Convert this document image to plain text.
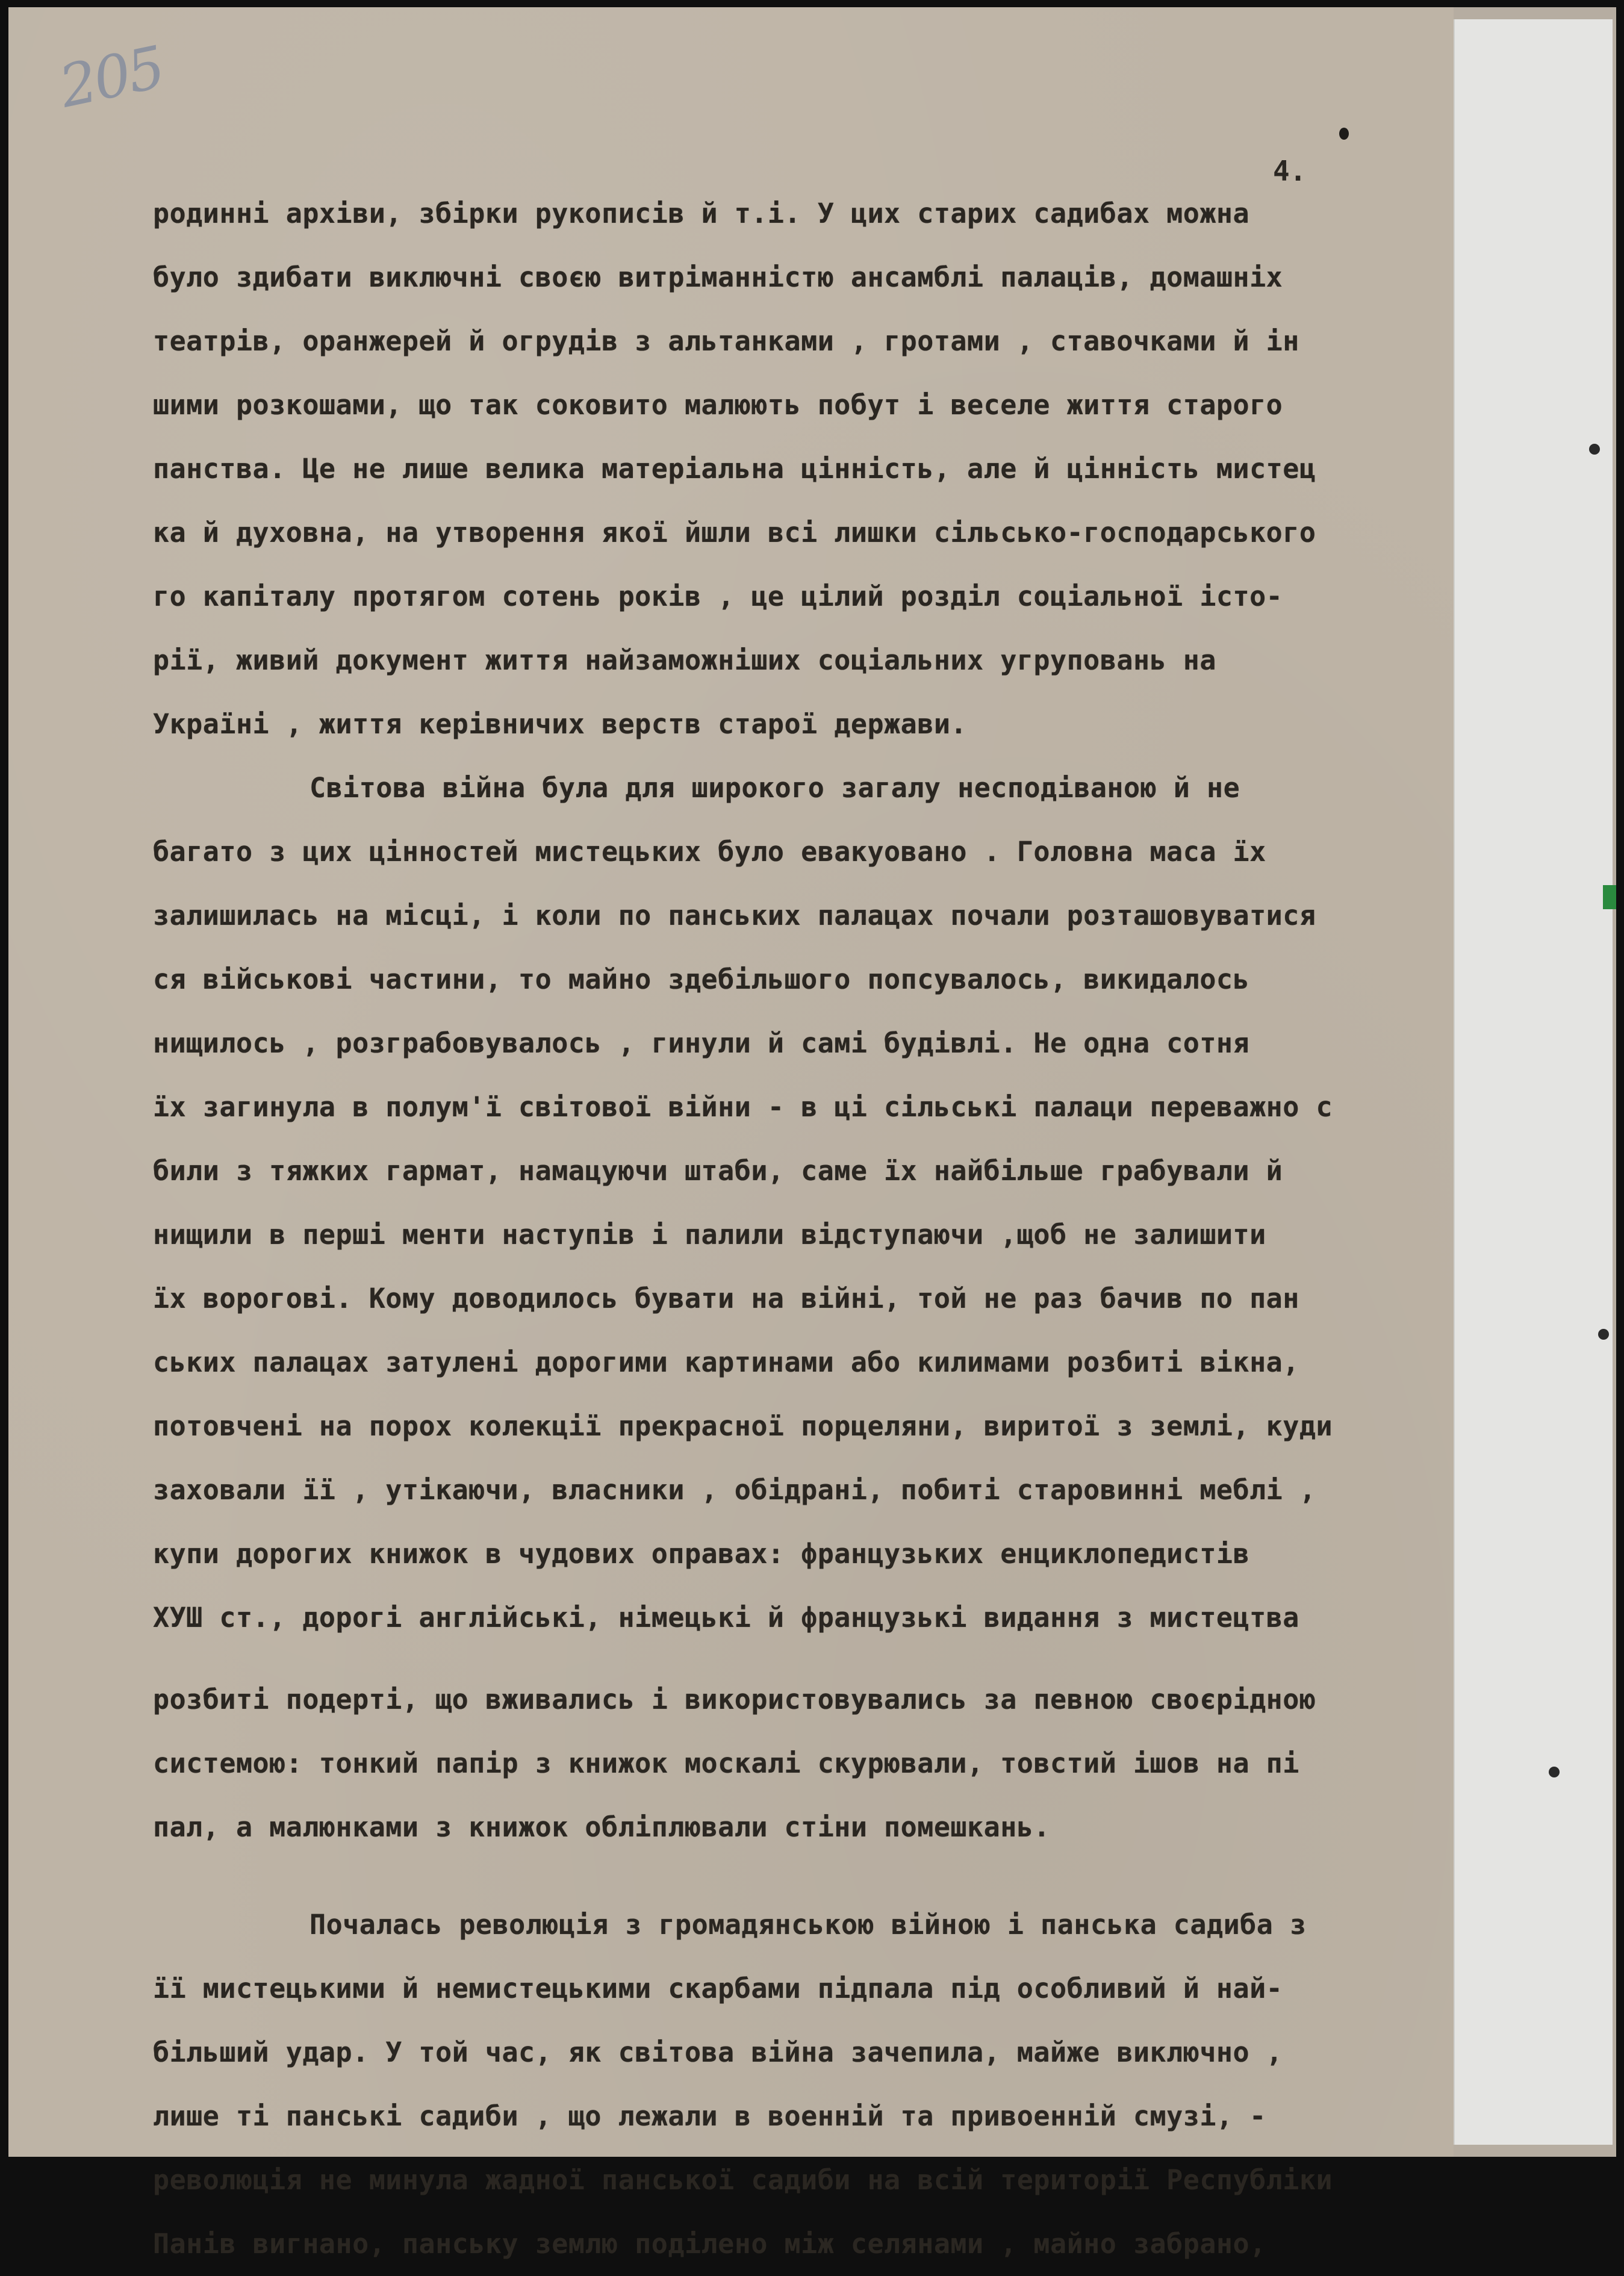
205
4.
родинні архіви, збірки рукописів й т.і. У цих старих садибах можна
було здибати виключні своєю витріманністю ансамблі палаців, домашніх
театрів, оранжерей й огрудів з альтанками , гротами , ставочками й ін
шими розкошами, що так соковито малюють побут і веселе життя старого
панства. Це не лише велика матеріальна цінність, але й цінність мистец
ка й духовна, на утворення якої йшли всі лишки сільсько-господарського
го капіталу протягом сотень років , це цілий розділ соціальної істо-
рії, живий документ життя найзаможніших соціальних угруповань на
Україні , життя керівничих верств старої держави.
Світова війна була для широкого загалу несподіваною й не
багато з цих цінностей мистецьких було евакуовано . Головна маса їх
залишилась на місці, і коли по панських палацах почали розташовуватися
ся військові частини, то майно здебільшого попсувалось, викидалось
нищилось , розграбовувалось , гинули й самі будівлі. Не одна сотня
їх загинула в полум'ї світової війни - в ці сільські палаци переважно с
били з тяжких гармат, намацуючи штаби, саме їх найбільше грабували й
нищили в перші менти наступів і палили відступаючи ,щоб не залишити
їх ворогові. Кому доводилось бувати на війні, той не раз бачив по пан
ських палацах затулені дорогими картинами або килимами розбиті вікна,
потовчені на порох колекції прекрасної порцеляни, виритої з землі, куди
заховали її , утікаючи, власники , обідрані, побиті старовинні меблі ,
купи дорогих книжок в чудових оправах: французьких енциклопедистів
ХУШ ст., дорогі англійські, німецькі й французькі видання з мистецтва
розбиті подерті, що вживались і використовувались за певною своєрідною
системою: тонкий папір з книжок москалі скурювали, товстий ішов на пі
пал, а малюнками з книжок обліплювали стіни помешкань.
Почалась революція з громадянською війною і панська садиба з
її мистецькими й немистецькими скарбами підпала під особливий й най-
більший удар. У той час, як світова війна зачепила, майже виключно ,
лише ті панські садиби , що лежали в военній та привоенній смузі, -
революція не минула жадної панської садиби на всій території Республіки
Панів вигнано, панську землю поділено між селянами , майно забрано,
